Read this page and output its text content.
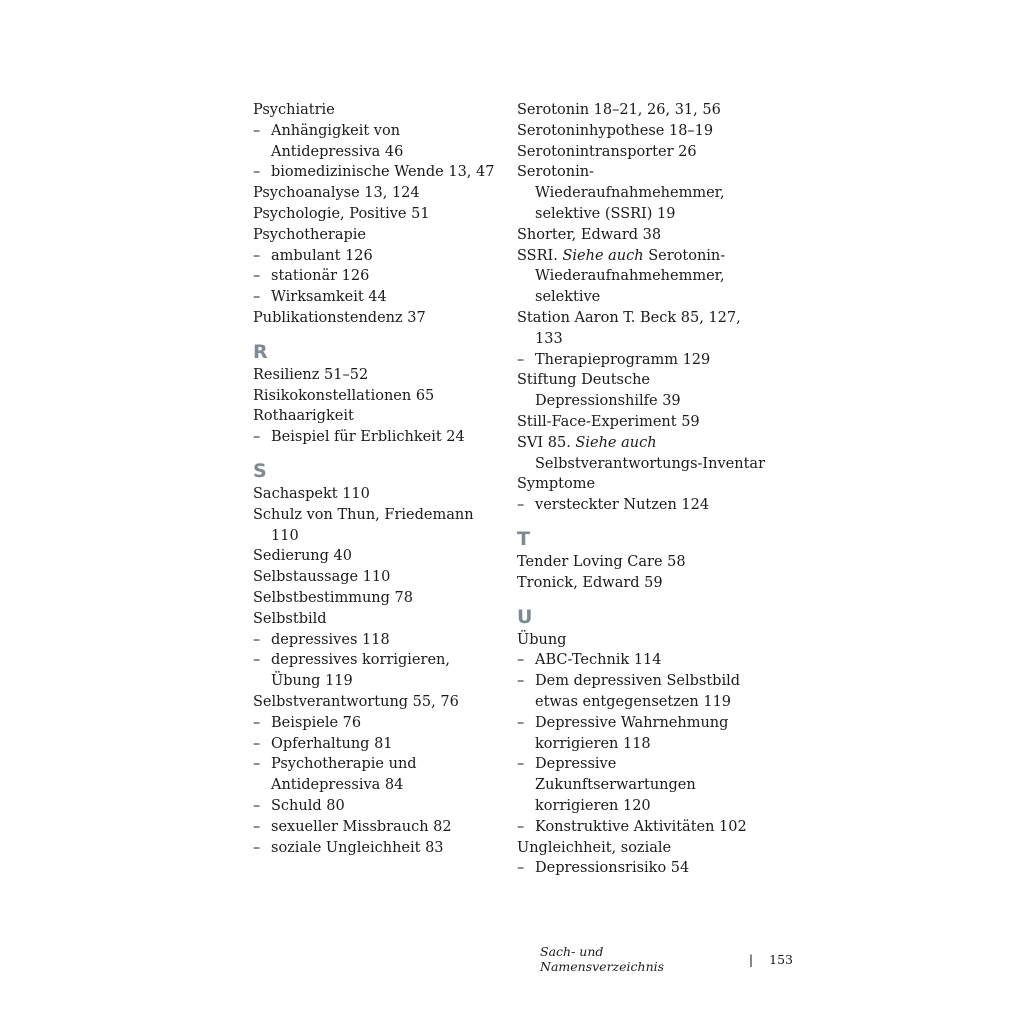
Psychiatrie
– Anhängigkeit von Antidepressiva 46
– biomedizinische Wende 13, 47
Psychoanalyse 13, 124
Psychologie, Positive 51
Psychotherapie
– ambulant 126
– stationär 126
– Wirksamkeit 44
Publikationstendenz 37
R
Resilienz 51–52
Risikokonstellationen 65
Rothaarigkeit
– Beispiel für Erblichkeit 24
S
Sachaspekt 110
Schulz von Thun, Friedemann 110
Sedierung 40
Selbstaussage 110
Selbstbestimmung 78
Selbstbild
– depressives 118
– depressives korrigieren, Übung 119
Selbstverantwortung 55, 76
– Beispiele 76
– Opferhaltung 81
– Psychotherapie und Antidepressiva 84
– Schuld 80
– sexueller Missbrauch 82
– soziale Ungleichheit 83
Serotonin 18–21, 26, 31, 56
Serotoninhypothese 18–19
Serotonintransporter 26
Serotonin-Wiederaufnahmehemmer, selektive (SSRI) 19
Shorter, Edward 38
SSRI. Siehe auch Serotonin-Wiederaufnahmehemmer, selektive
Station Aaron T. Beck 85, 127, 133
– Therapieprogramm 129
Stiftung Deutsche Depressionshilfe 39
Still-Face-Experiment 59
SVI 85. Siehe auch Selbstverantwortungs-Inventar
Symptome
– versteckter Nutzen 124
T
Tender Loving Care 58
Tronick, Edward 59
U
Übung
– ABC-Technik 114
– Dem depressiven Selbstbild etwas entgegensetzen 119
– Depressive Wahrnehmung korrigieren 118
– Depressive Zukunftserwartungen korrigieren 120
– Konstruktive Aktivitäten 102
Ungleichheit, soziale
– Depressionsrisiko 54
Sach- und Namensverzeichnis	| 153
